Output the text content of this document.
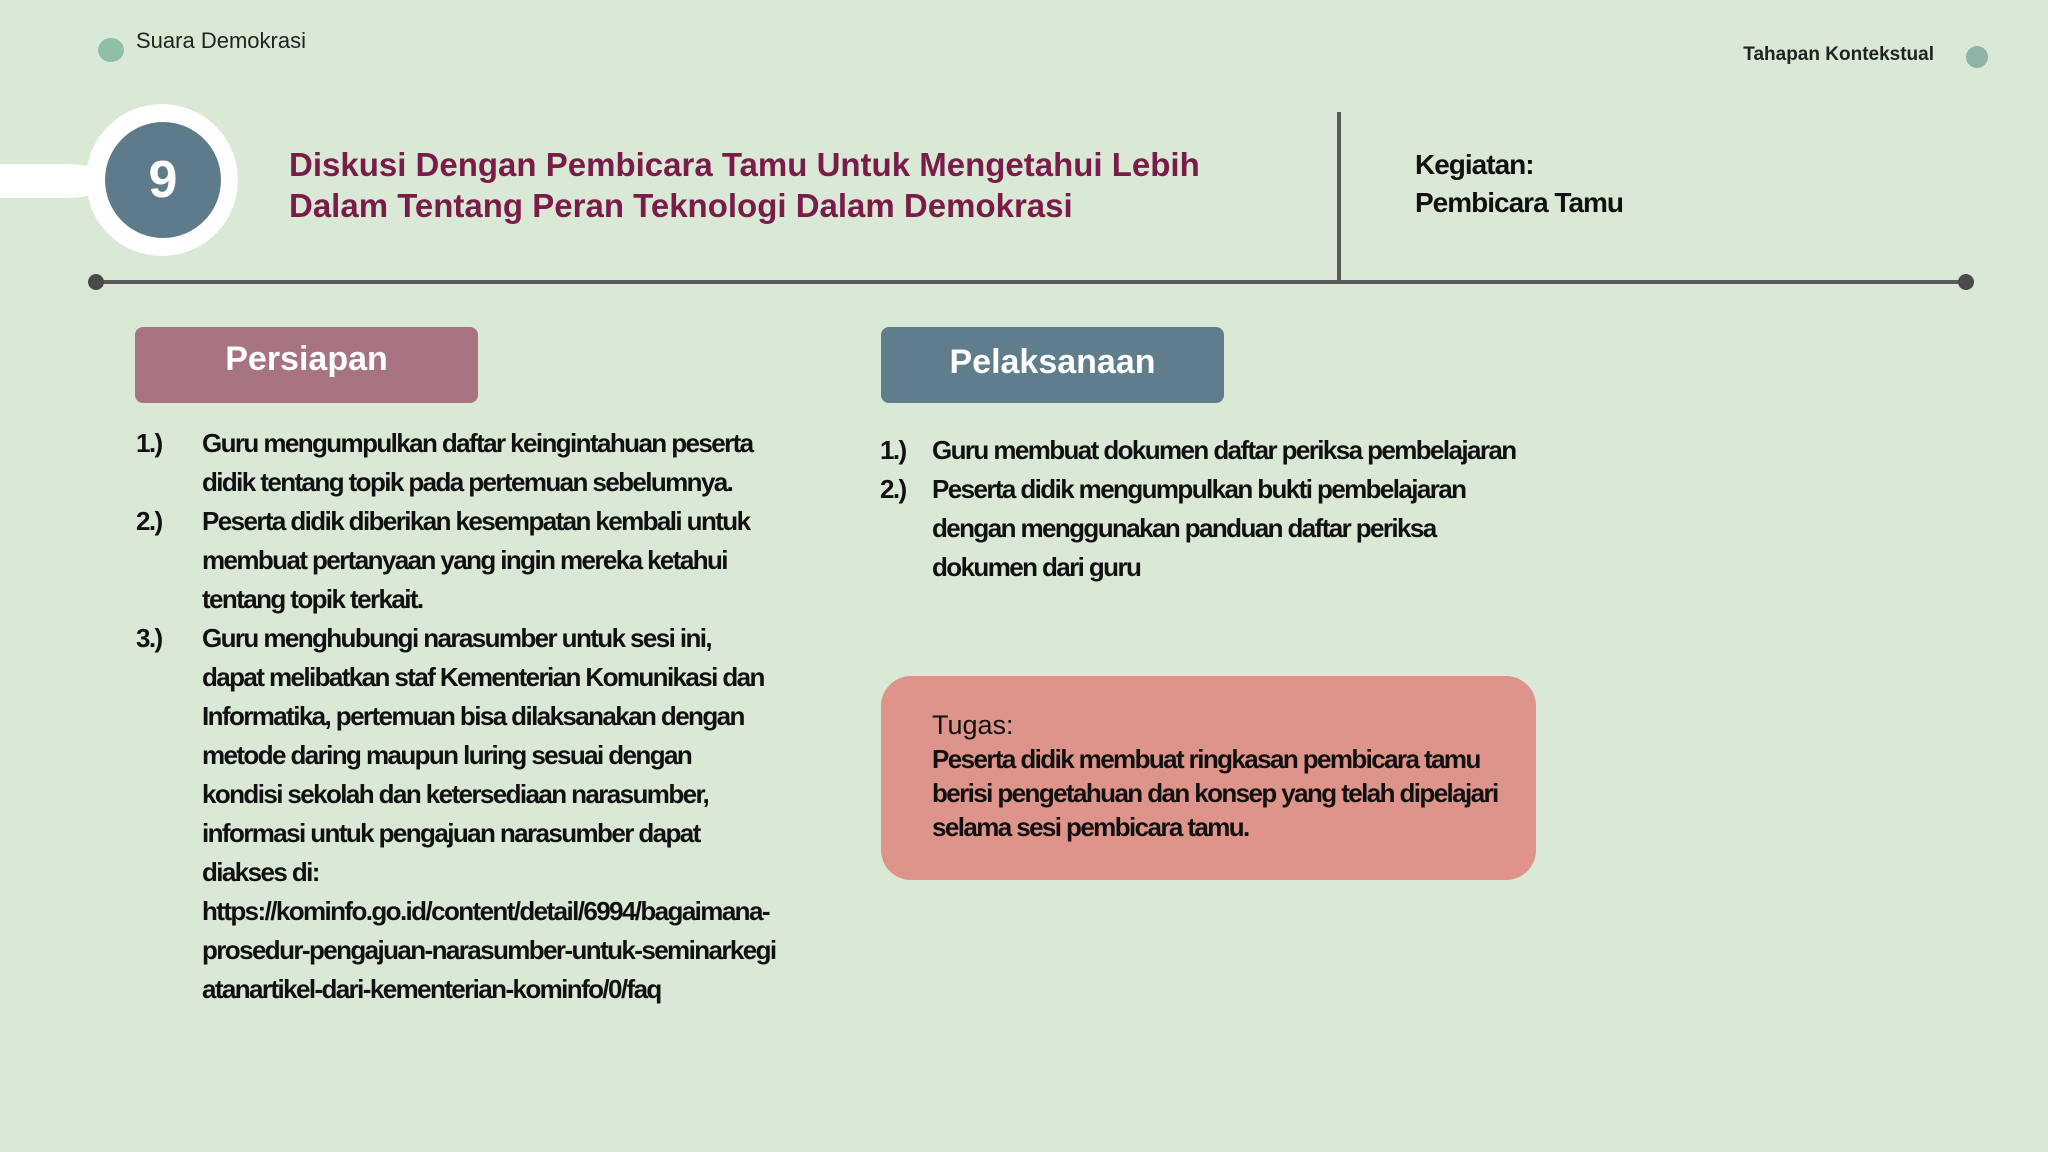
Suara Demokrasi
Tahapan Kontekstual
9	Diskusi Dengan Pembicara Tamu Untuk Mengetahui Lebih Dalam Tentang Peran Teknologi Dalam Demokrasi
Kegiatan:
Pembicara Tamu
Persiapan
1.) Guru mengumpulkan daftar keingintahuan peserta didik tentang topik pada pertemuan sebelumnya.
2.) Peserta didik diberikan kesempatan kembali untuk membuat pertanyaan yang ingin mereka ketahui tentang topik terkait.
3.) Guru menghubungi narasumber untuk sesi ini, dapat melibatkan staf Kementerian Komunikasi dan Informatika, pertemuan bisa dilaksanakan dengan metode daring maupun luring sesuai dengan kondisi sekolah dan ketersediaan narasumber, informasi untuk pengajuan narasumber dapat diakses di:
https://kominfo.go.id/content/detail/6994/bagaimana-prosedur-pengajuan-narasumber-untuk-seminarkegiatanartikel-dari-kementerian-kominfo/0/faq
Pelaksanaan
1.) Guru membuat dokumen daftar periksa pembelajaran
2.) Peserta didik mengumpulkan bukti pembelajaran dengan menggunakan panduan daftar periksa dokumen dari guru
Tugas:
Peserta didik membuat ringkasan pembicara tamu berisi pengetahuan dan konsep yang telah dipelajari selama sesi pembicara tamu.
